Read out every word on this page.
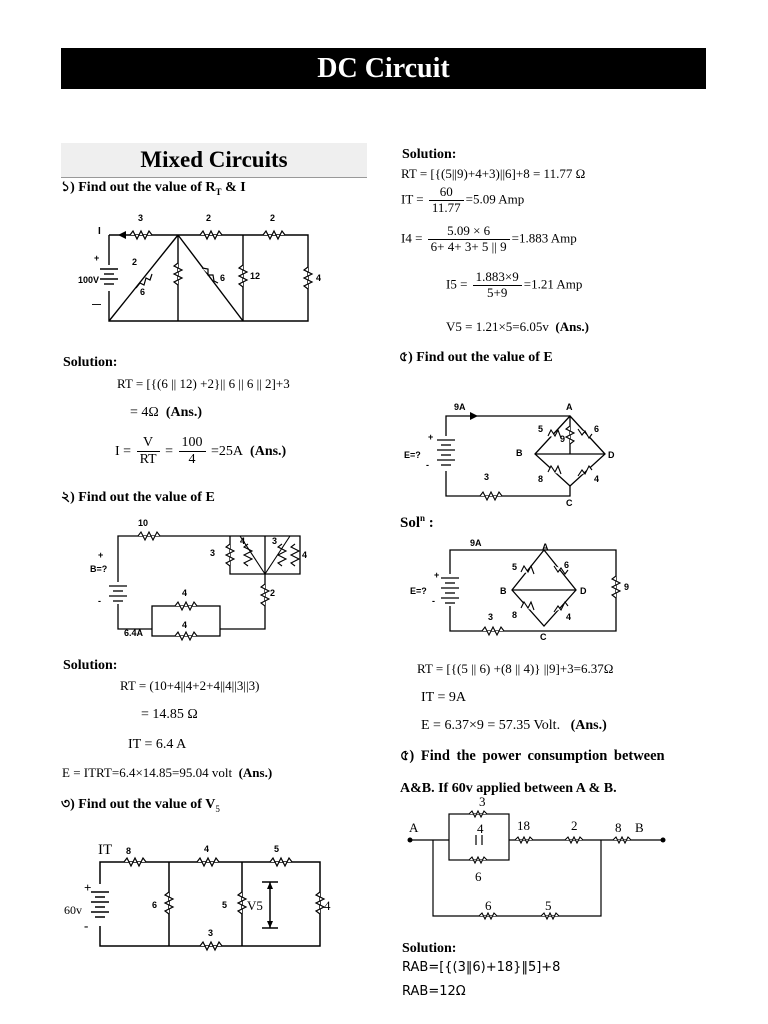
DC Circuit
Mixed Circuits
১) Find out the value of $R_T$ & I
I
100V
+
—
3	2	2
2
6
6	12	4
Solution:
RT = [{(6 || 12) +2}|| 6 || 6 || 2]+3
= 4Ω (Ans.)
$I = \frac{V}{RT} = \frac{100}{4} =25A$ (Ans.)
২) Find out the value of E
10
3
4	3
4
2
4
4
B=?
+
-
6.4A
Solution:
RT = (10+4||4+2+4||4||3||3)
= 14.85 Ω
IT = 6.4 A
E = ITRT=6.4×14.85=95.04 volt (Ans.)
৩) Find out the value of $V_5$
IT 8	4	5
6	5	4
3
V5
60v
+
-
Solution:
RT = [{(5||9)+4+3)||6]+8 = 11.77 Ω
IT = $\frac{60}{11.77} =5.09$ Amp
$I4 = \frac{5.09 \times 6}{6+ 4+ 3+ 5 || 9} =1.883$ Amp
$I5 = \frac{1.883\times 9}{5+9} =1.21$ Amp
V5 = 1.21×5=6.05v (Ans.)
৫) Find out the value of E
9A	A
B
C
D
5
9
6
8	4
3
E=?
+
-
Sol$^n$ :
9A	A
B
C
D
5	6
8	4
3
9
E=?
+
-
RT = [{(5 || 6) +(8 || 4)} ||9]+3=6.37Ω
IT = 9A
E = 6.37×9 = 57.35 Volt. (Ans.)
৫) Find the power consumption between
A&B. If 60v applied between A & B.
A	B
3
4
6
18	2	8
6	5
Solution:
RAB=[{(3‖6)+18}‖5]+8
RAB=12Ω
